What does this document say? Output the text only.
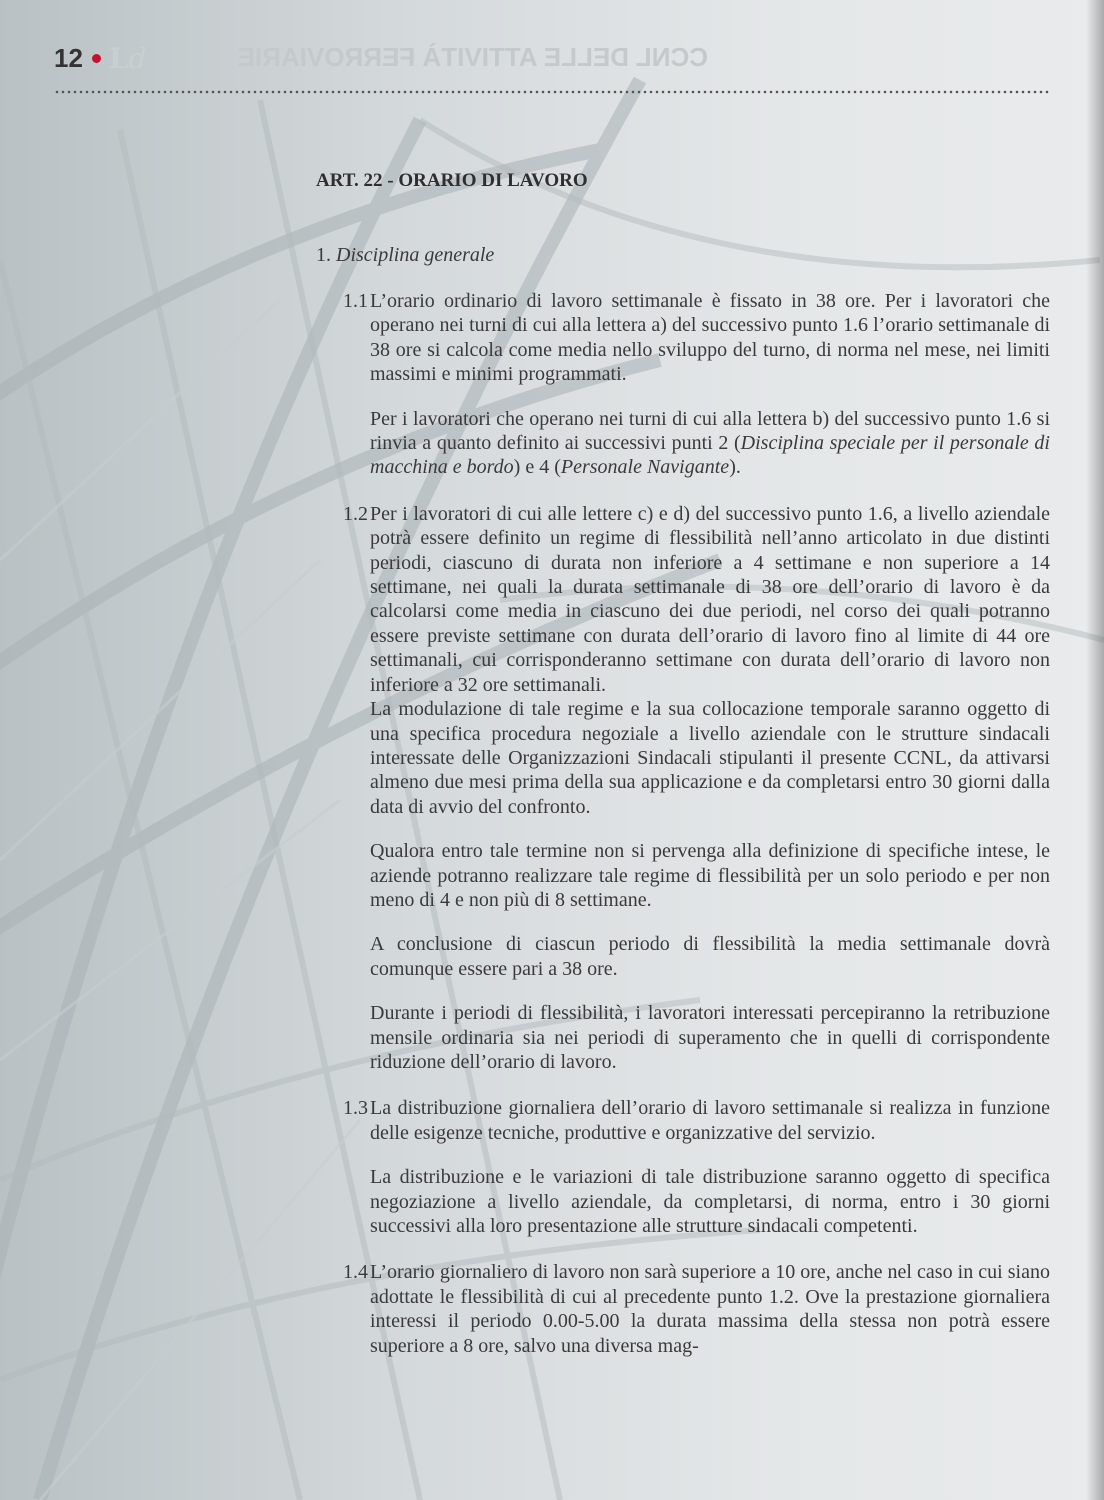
CCNL DELLE ATTIVITÀ FERROVIARIE
12 Ld
ART. 22 - ORARIO DI LAVORO
1. Disciplina generale
1.1 L’orario ordinario di lavoro settimanale è fissato in 38 ore. Per i lavoratori che operano nei turni di cui alla lettera a) del successivo punto 1.6 l’orario settimanale di 38 ore si calcola come media nello sviluppo del turno, di norma nel mese, nei limiti massimi e minimi programmati.

Per i lavoratori che operano nei turni di cui alla lettera b) del successivo punto 1.6 si rinvia a quanto definito ai successivi punti 2 (Disciplina speciale per il personale di macchina e bordo) e 4 (Personale Navigante).

1.2 Per i lavoratori di cui alle lettere c) e d) del successivo punto 1.6, a livello aziendale potrà essere definito un regime di flessibilità nell’anno articolato in due distinti periodi, ciascuno di durata non inferiore a 4 settimane e non superiore a 14 settimane, nei quali la durata settimanale di 38 ore dell’orario di lavoro è da calcolarsi come media in ciascuno dei due periodi, nel corso dei quali potranno essere previste settimane con durata dell’orario di lavoro fino al limite di 44 ore settimanali, cui corrisponderanno settimane con durata dell’orario di lavoro non inferiore a 32 ore settimanali.

La modulazione di tale regime e la sua collocazione temporale saranno oggetto di una specifica procedura negoziale a livello aziendale con le strutture sindacali interessate delle Organizzazioni Sindacali stipulanti il presente CCNL, da attivarsi almeno due mesi prima della sua applicazione e da completarsi entro 30 giorni dalla data di avvio del confronto.

Qualora entro tale termine non si pervenga alla definizione di specifiche intese, le aziende potranno realizzare tale regime di flessibilità per un solo periodo e per non meno di 4 e non più di 8 settimane.

A conclusione di ciascun periodo di flessibilità la media settimanale dovrà comunque essere pari a 38 ore.

Durante i periodi di flessibilità, i lavoratori interessati percepiranno la retribuzione mensile ordinaria sia nei periodi di superamento che in quelli di corrispondente riduzione dell’orario di lavoro.

1.3 La distribuzione giornaliera dell’orario di lavoro settimanale si realizza in funzione delle esigenze tecniche, produttive e organizzative del servizio.

La distribuzione e le variazioni di tale distribuzione saranno oggetto di specifica negoziazione a livello aziendale, da completarsi, di norma, entro i 30 giorni successivi alla loro presentazione alle strutture sindacali competenti.

1.4 L’orario giornaliero di lavoro non sarà superiore a 10 ore, anche nel caso in cui siano adottate le flessibilità di cui al precedente punto 1.2. Ove la prestazione giornaliera interessi il periodo 0.00-5.00 la durata massima della stessa non potrà essere superiore a 8 ore, salvo una diversa mag-
